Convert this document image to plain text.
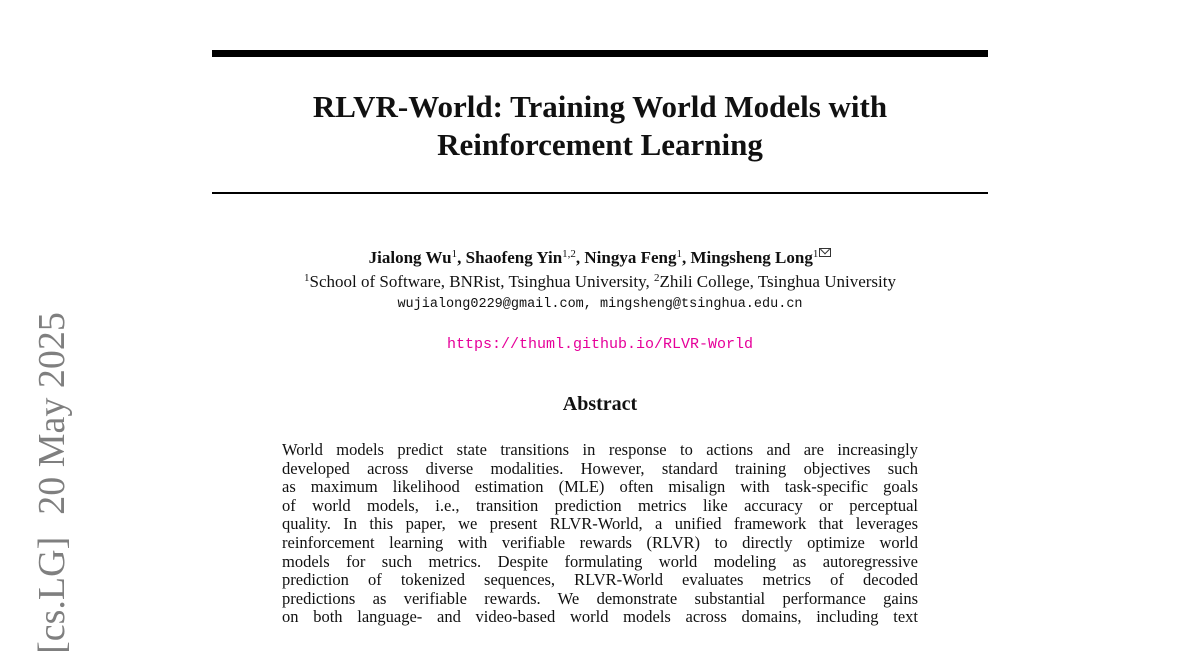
RLVR-World: Training World Models with
Reinforcement Learning
[cs.LG]20 May 2025
Jialong Wu$^1$, Shaofeng Yin$^{1,2}$, Ningya Feng$^1$, Mingsheng Long$^1$
$^1$School of Software, BNRist, Tsinghua University, $^2$Zhili College, Tsinghua University
wujialong0229@gmail.com, mingsheng@tsinghua.edu.cn
https://thuml.github.io/RLVR-World
Abstract
World models predict state transitions in response to actions and are increasingly
developed across diverse modalities. However, standard training objectives such
as maximum likelihood estimation (MLE) often misalign with task-specific goals
of world models, i.e., transition prediction metrics like accuracy or perceptual
quality. In this paper, we present RLVR-World, a unified framework that leverages
reinforcement learning with verifiable rewards (RLVR) to directly optimize world
models for such metrics. Despite formulating world modeling as autoregressive
prediction of tokenized sequences, RLVR-World evaluates metrics of decoded
predictions as verifiable rewards. We demonstrate substantial performance gains
on both language- and video-based world models across domains, including text
